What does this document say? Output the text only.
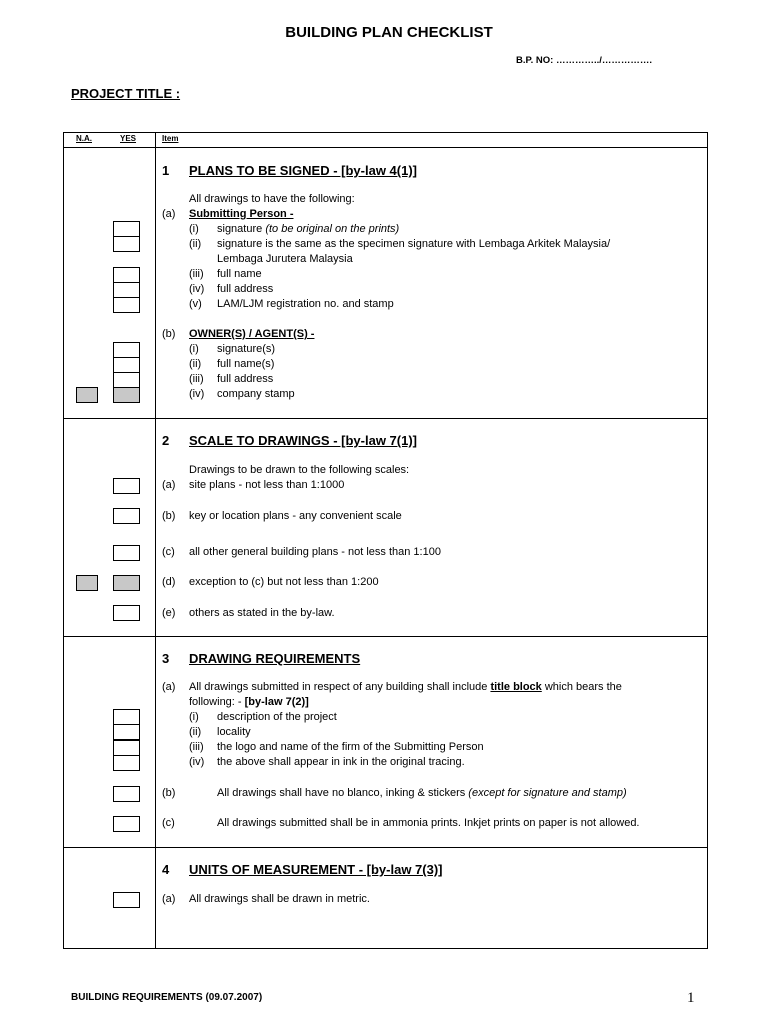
BUILDING PLAN CHECKLIST
B.P. NO: …………../…………….
PROJECT TITLE :
N.A.	YES	Item
1 PLANS TO BE SIGNED - [by-law 4(1)]
All drawings to have the following:
(a) Submitting Person -
(i) signature (to be original on the prints)
(ii) signature is the same as the specimen signature with Lembaga Arkitek Malaysia/
Lembaga Jurutera Malaysia
(iii) full name
(iv) full address
(v) LAM/LJM registration no. and stamp
(b) OWNER(S) / AGENT(S) -
(i) signature(s)
(ii) full name(s)
(iii) full address
(iv) company stamp
2 SCALE TO DRAWINGS - [by-law 7(1)]
Drawings to be drawn to the following scales:
(a) site plans - not less than 1:1000
(b) key or location plans - any convenient scale
(c) all other general building plans - not less than 1:100
(d) exception to (c) but not less than 1:200
(e) others as stated in the by-law.
3 DRAWING REQUIREMENTS
(a) All drawings submitted in respect of any building shall include title block which bears the
following: - [by-law 7(2)]
(i) description of the project
(ii) locality
(iii) the logo and name of the firm of the Submitting Person
(iv) the above shall appear in ink in the original tracing.
(b)	All drawings shall have no blanco, inking & stickers (except for signature and stamp)
(c)	All drawings submitted shall be in ammonia prints. Inkjet prints on paper is not allowed.
4 UNITS OF MEASUREMENT - [by-law 7(3)]
(a) All drawings shall be drawn in metric.
BUILDING REQUIREMENTS (09.07.2007)	1
